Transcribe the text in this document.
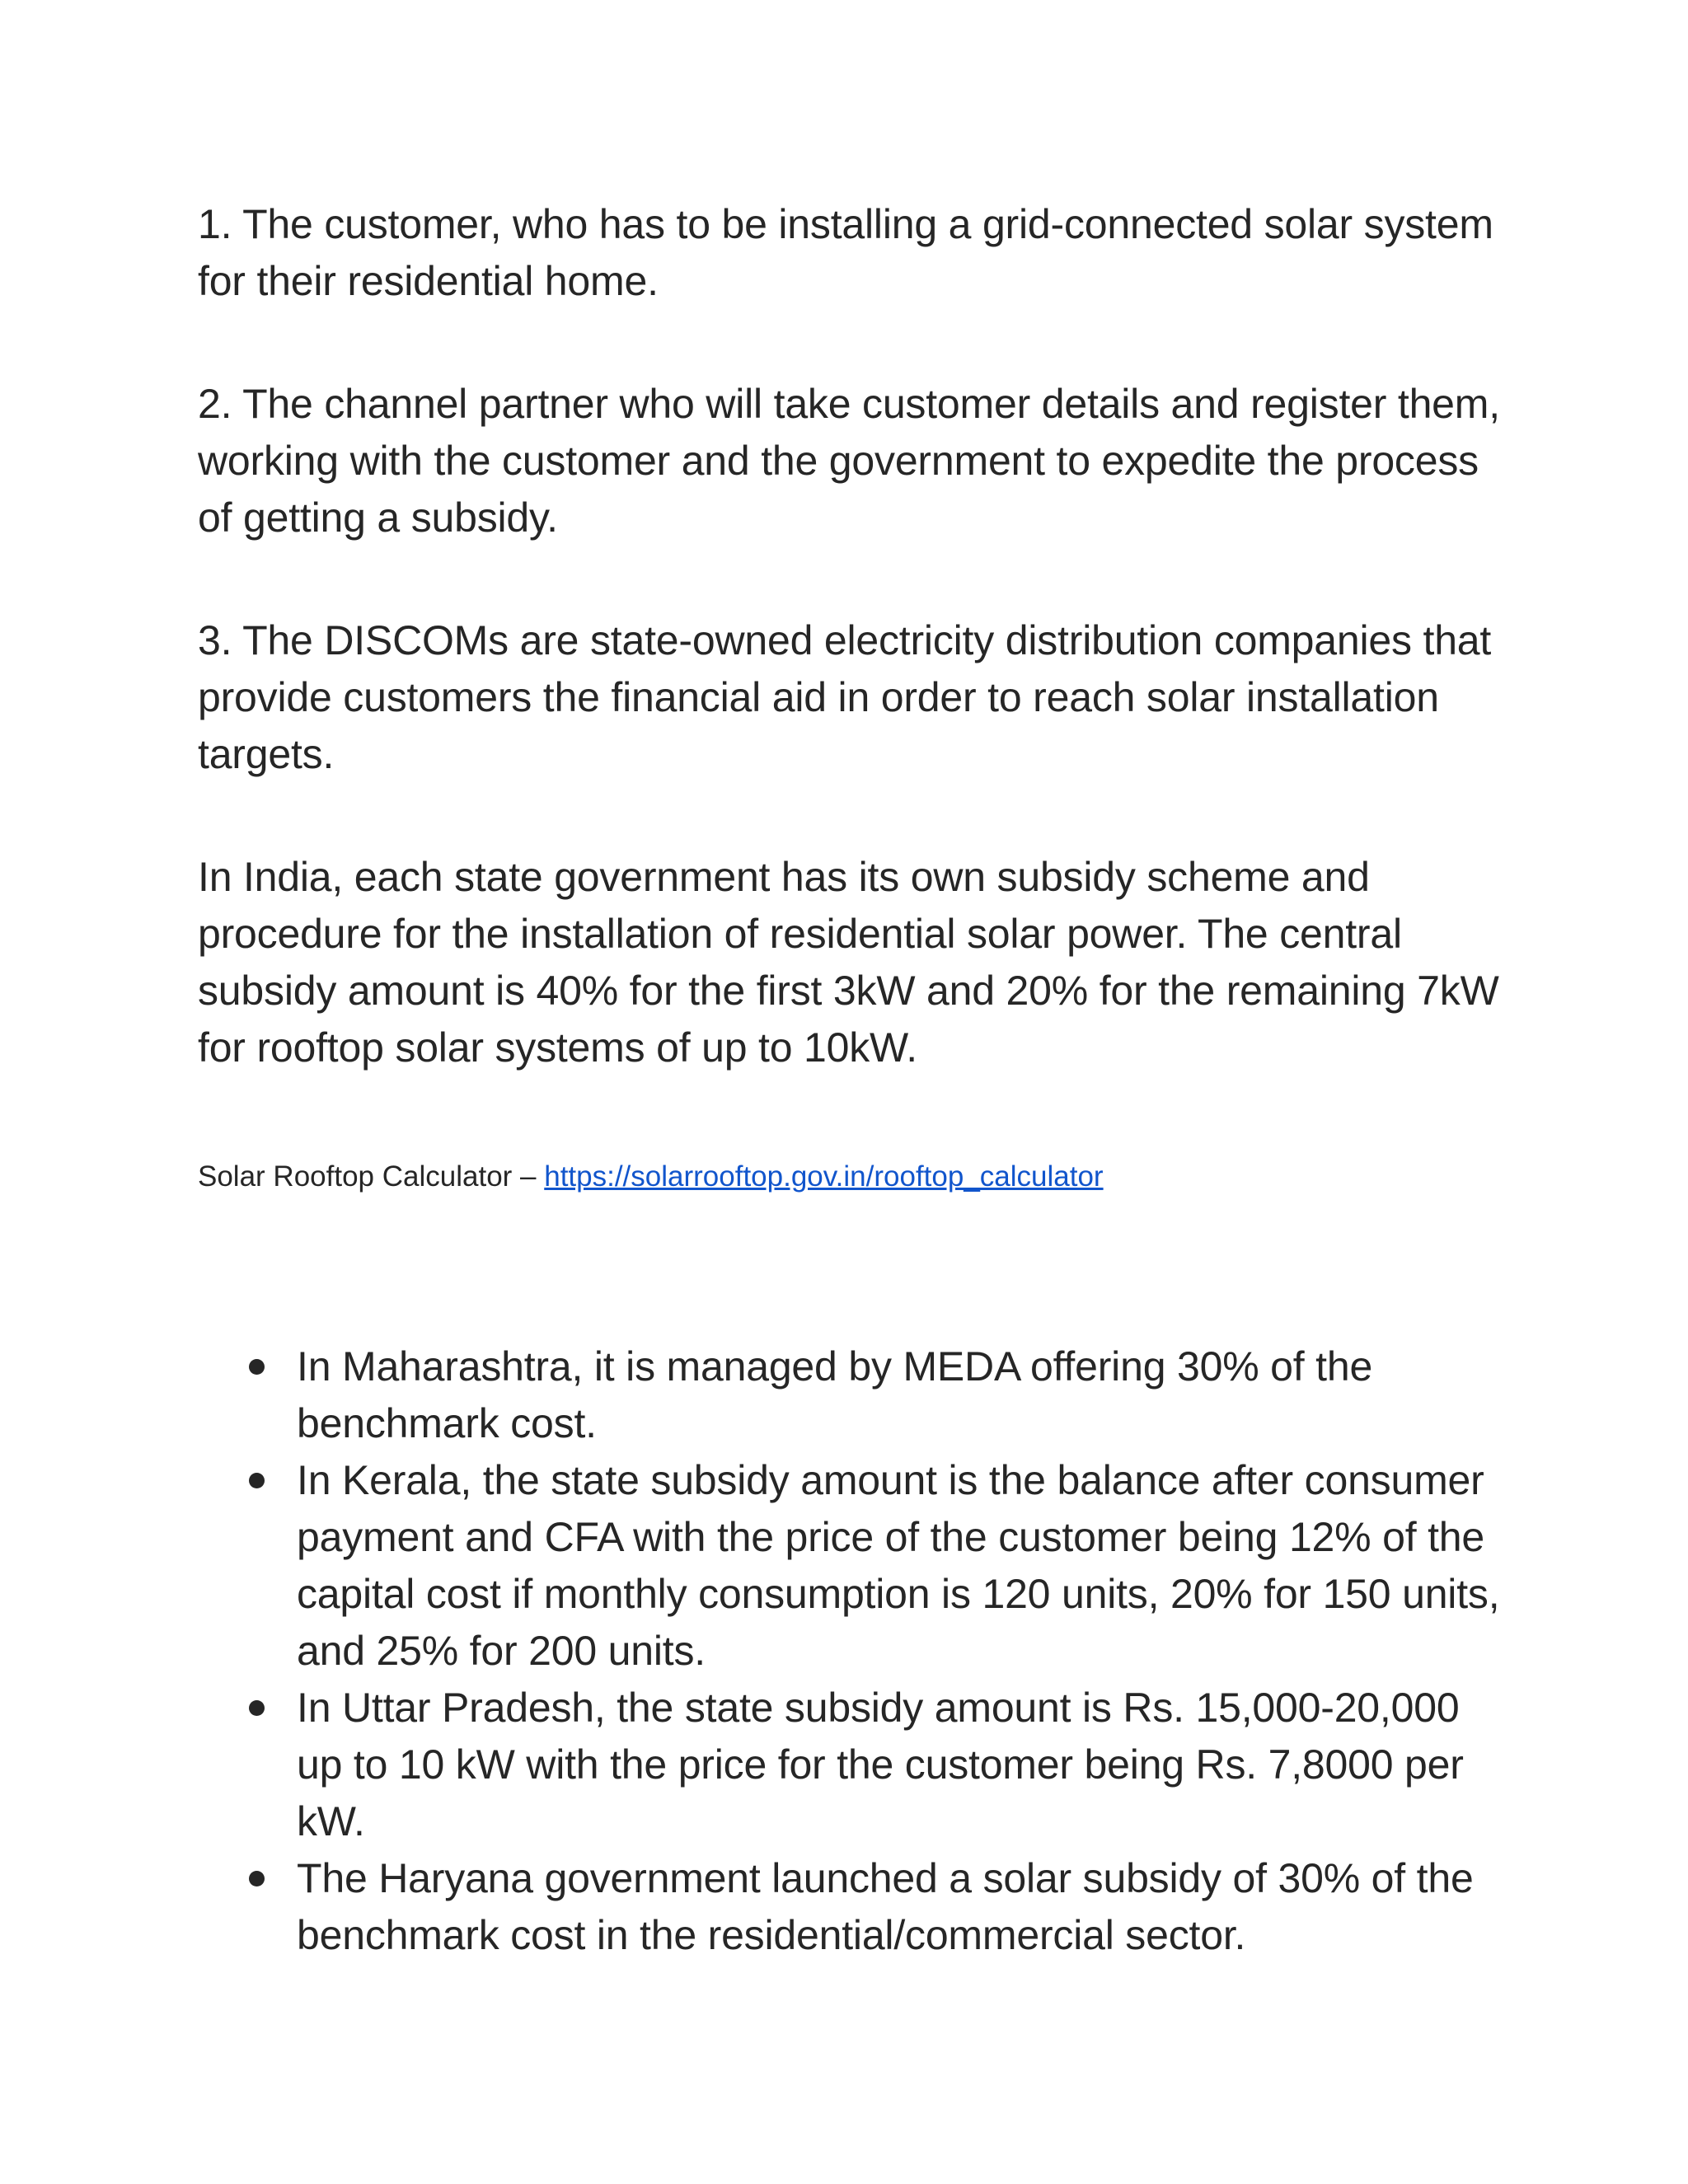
1. The customer, who has to be installing a grid-connected solar system for their residential home.

2. The channel partner who will take customer details and register them, working with the customer and the government to expedite the process of getting a subsidy.

3. The DISCOMs are state-owned electricity distribution companies that provide customers the financial aid in order to reach solar installation targets.

In India, each state government has its own subsidy scheme and procedure for the installation of residential solar power. The central subsidy amount is 40% for the first 3kW and 20% for the remaining 7kW for rooftop solar systems of up to 10kW.

Solar Rooftop Calculator – https://solarrooftop.gov.in/rooftop_calculator
In Maharashtra, it is managed by MEDA offering 30% of the benchmark cost.
In Kerala, the state subsidy amount is the balance after consumer payment and CFA with the price of the customer being 12% of the capital cost if monthly consumption is 120 units, 20% for 150 units, and 25% for 200 units.
In Uttar Pradesh, the state subsidy amount is Rs. 15,000-20,000 up to 10 kW with the price for the customer being Rs. 7,8000 per kW.
The Haryana government launched a solar subsidy of 30% of the benchmark cost in the residential/commercial sector.
